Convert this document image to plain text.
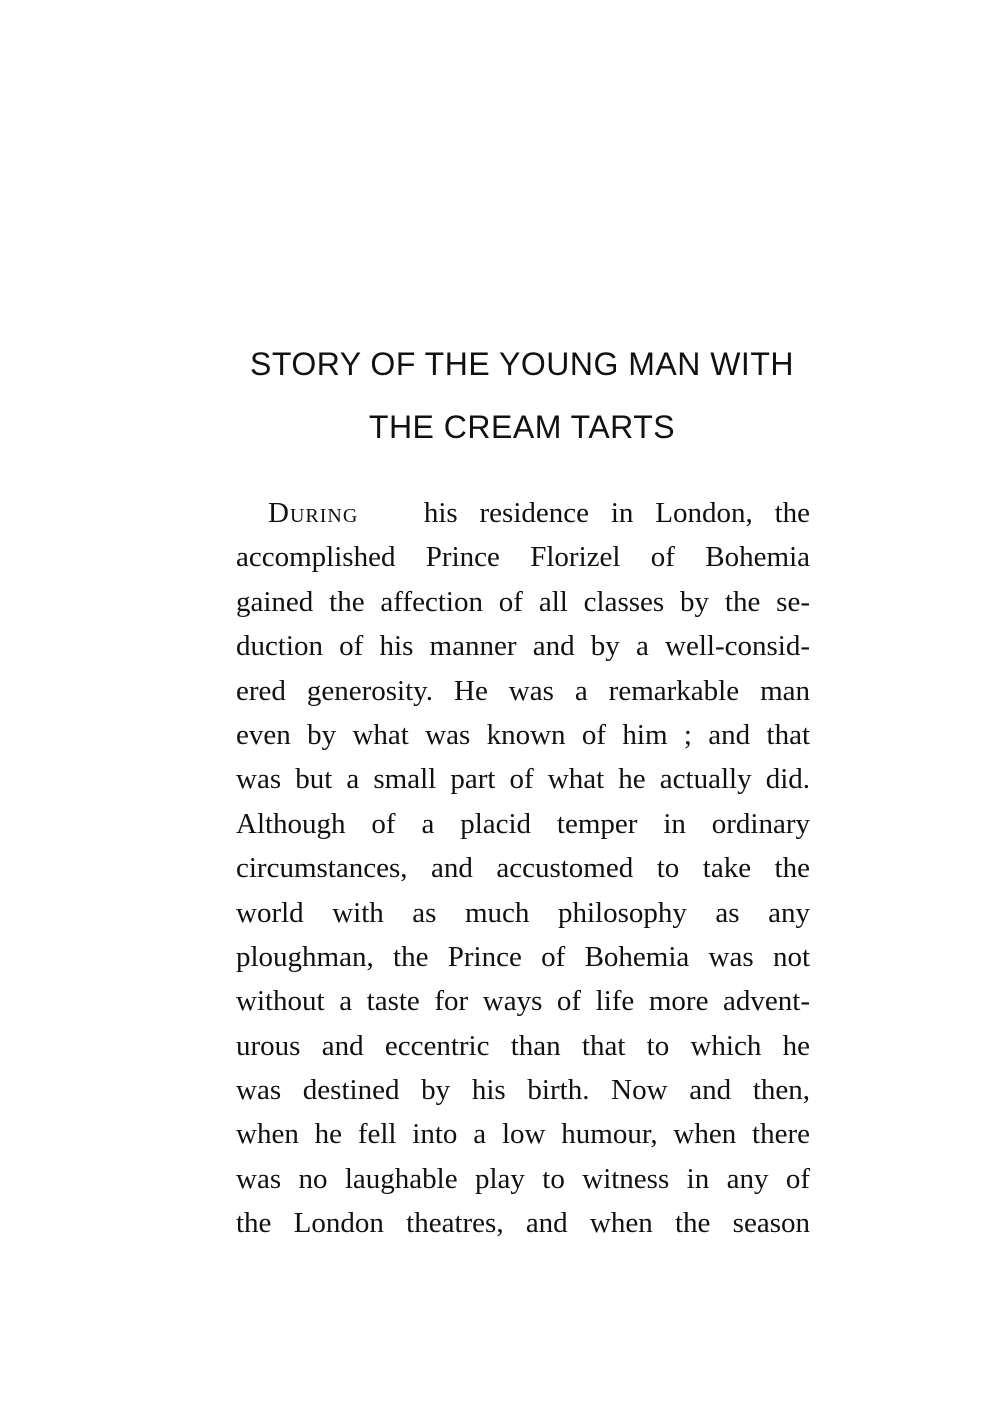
STORY OF THE YOUNG MAN WITH
THE CREAM TARTS
During his residence in London, the
accomplished Prince Florizel of Bohemia
gained the affection of all classes by the se-
duction of his manner and by a well-consid-
ered generosity. He was a remarkable man
even by what was known of him ; and that
was but a small part of what he actually did.
Although of a placid temper in ordinary
circumstances, and accustomed to take the
world with as much philosophy as any
ploughman, the Prince of Bohemia was not
without a taste for ways of life more advent-
urous and eccentric than that to which he
was destined by his birth. Now and then,
when he fell into a low humour, when there
was no laughable play to witness in any of
the London theatres, and when the season
